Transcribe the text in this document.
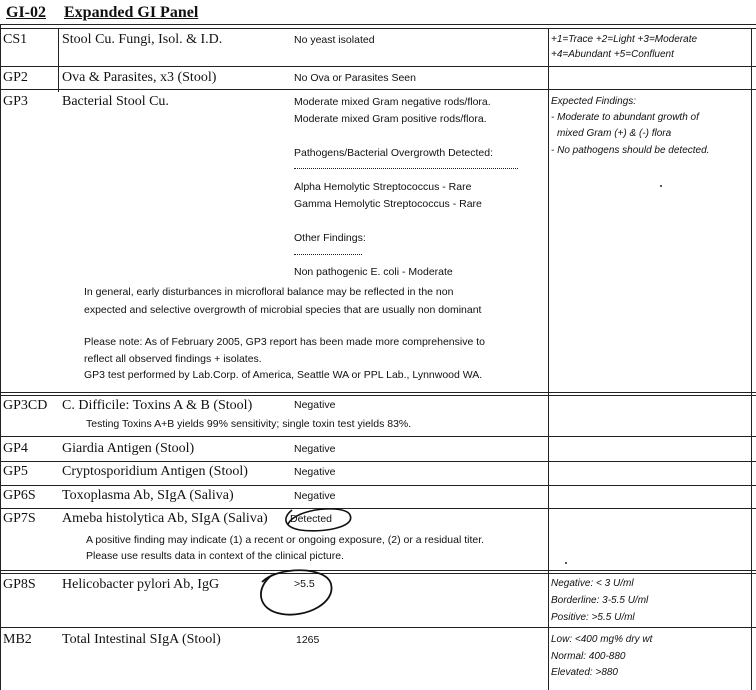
GI-02 Expanded GI Panel
CS1 Stool Cu. Fungi, Isol. & I.D.	No yeast isolated	+1=Trace +2=Light +3=Moderate
+4=Abundant +5=Confluent
GP2 Ova & Parasites, x3 (Stool)	No Ova or Parasites Seen
GP3 Bacterial Stool Cu.	Moderate mixed Gram negative rods/flora.
Moderate mixed Gram positive rods/flora.
Pathogens/Bacterial Overgrowth Detected:
Alpha Hemolytic Streptococcus - Rare
Gamma Hemolytic Streptococcus - Rare
Other Findings:
Non pathogenic E. coli - Moderate
Expected Findings:
- Moderate to abundant growth of
mixed Gram (+) & (-) flora
- No pathogens should be detected.
In general, early disturbances in microfloral balance may be reflected in the non
expected and selective overgrowth of microbial species that are usually non dominant
Please note: As of February 2005, GP3 report has been made more comprehensive to
reflect all observed findings + isolates.
GP3 test performed by Lab.Corp. of America, Seattle WA or PPL Lab., Lynnwood WA.
GP3CD C. Difficile: Toxins A & B (Stool)	Negative
Testing Toxins A+B yields 99% sensitivity; single toxin test yields 83%.
GP4 Giardia Antigen (Stool)	Negative
GP5 Cryptosporidium Antigen (Stool)	Negative
GP6S Toxoplasma Ab, SIgA (Saliva)	Negative
GP7S Ameba histolytica Ab, SIgA (Saliva) Detected
A positive finding may indicate (1) a recent or ongoing exposure, (2) or a residual titer.
Please use results data in context of the clinical picture.
GP8S Helicobacter pylori Ab, IgG	>5.5	Negative: < 3 U/ml
Borderline: 3-5.5 U/ml
Positive: >5.5 U/ml
MB2 Total Intestinal SIgA (Stool)	1265	Low: <400 mg% dry wt
Normal: 400-880
Elevated: >880
